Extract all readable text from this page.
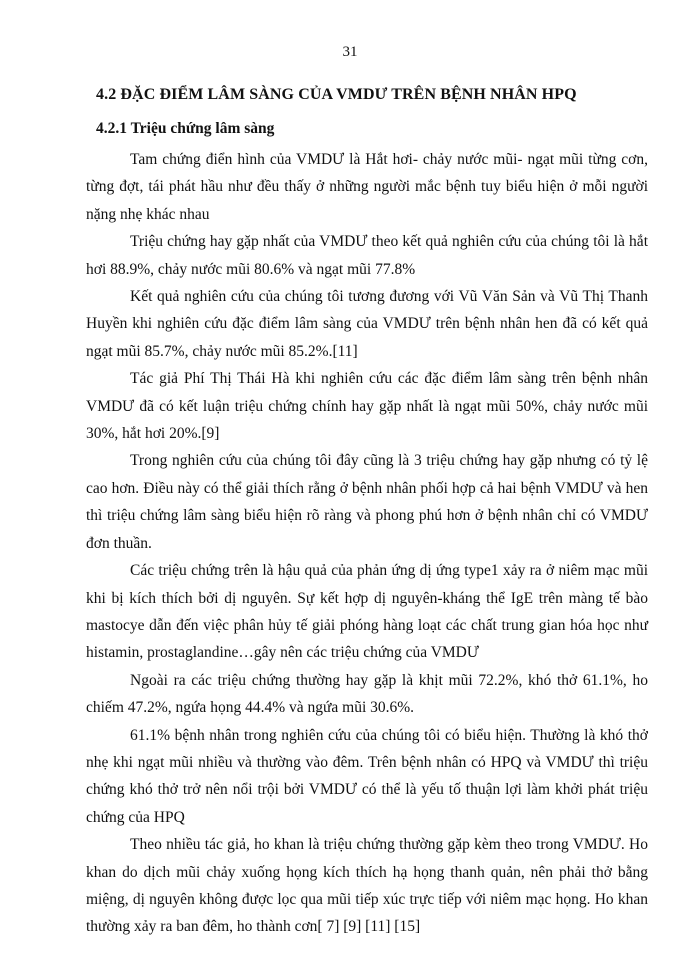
31
4.2 ĐẶC ĐIỂM LÂM SÀNG CỦA VMDƯ TRÊN BỆNH NHÂN HPQ
4.2.1 Triệu chứng lâm sàng

Tam chứng điển hình của VMDƯ là Hắt hơi- chảy nước mũi- ngạt mũi từng cơn, từng đợt, tái phát hầu như đều thấy ở những người mắc bệnh tuy biểu hiện ở mỗi người nặng nhẹ khác nhau

Triệu chứng hay gặp nhất của VMDƯ theo kết quả nghiên cứu của chúng tôi là hắt hơi 88.9%, chảy nước mũi 80.6% và ngạt mũi 77.8%

Kết quả nghiên cứu của chúng tôi tương đương với Vũ Văn Sản và Vũ Thị Thanh Huyền khi nghiên cứu đặc điểm lâm sàng của VMDƯ trên bệnh nhân hen đã có kết quả ngạt mũi 85.7%, chảy nước mũi 85.2%.[11]

Tác giả Phí Thị Thái Hà khi nghiên cứu các đặc điểm lâm sàng trên bệnh nhân VMDƯ đã có kết luận triệu chứng chính hay gặp nhất là ngạt mũi 50%, chảy nước mũi 30%, hắt hơi 20%.[9]

Trong nghiên cứu của chúng tôi đây cũng là 3 triệu chứng hay gặp nhưng có tỷ lệ cao hơn. Điều này có thể giải thích rằng ở bệnh nhân phối hợp cả hai bệnh VMDƯ và hen thì triệu chứng lâm sàng biểu hiện rõ ràng và phong phú hơn ở bệnh nhân chỉ có VMDƯ đơn thuần.

Các triệu chứng trên là hậu quả của phản ứng dị ứng type1 xảy ra ở niêm mạc mũi khi bị kích thích bởi dị nguyên. Sự kết hợp dị nguyên-kháng thể IgE trên màng tế bào mastocye dẫn đến việc phân hủy tế giải phóng hàng loạt các chất trung gian hóa học như histamin, prostaglandine…gây nên các triệu chứng của VMDƯ

Ngoài ra các triệu chứng thường hay gặp là khịt mũi 72.2%, khó thở 61.1%, ho chiếm 47.2%, ngứa họng 44.4% và ngứa mũi 30.6%.

61.1% bệnh nhân trong nghiên cứu của chúng tôi có biểu hiện. Thường là khó thở nhẹ khi ngạt mũi nhiều và thường vào đêm. Trên bệnh nhân có HPQ và VMDƯ thì triệu chứng khó thở trở nên nổi trội bởi VMDƯ có thể là yếu tố thuận lợi làm khởi phát triệu chứng của HPQ

Theo nhiều tác giả, ho khan là triệu chứng thường gặp kèm theo trong VMDƯ. Ho khan do dịch mũi chảy xuống họng kích thích hạ họng thanh quản, nên phải thở bằng miệng, dị nguyên không được lọc qua mũi tiếp xúc trực tiếp với niêm mạc họng. Ho khan thường xảy ra ban đêm, ho thành cơn[ 7] [9] [11] [15]
